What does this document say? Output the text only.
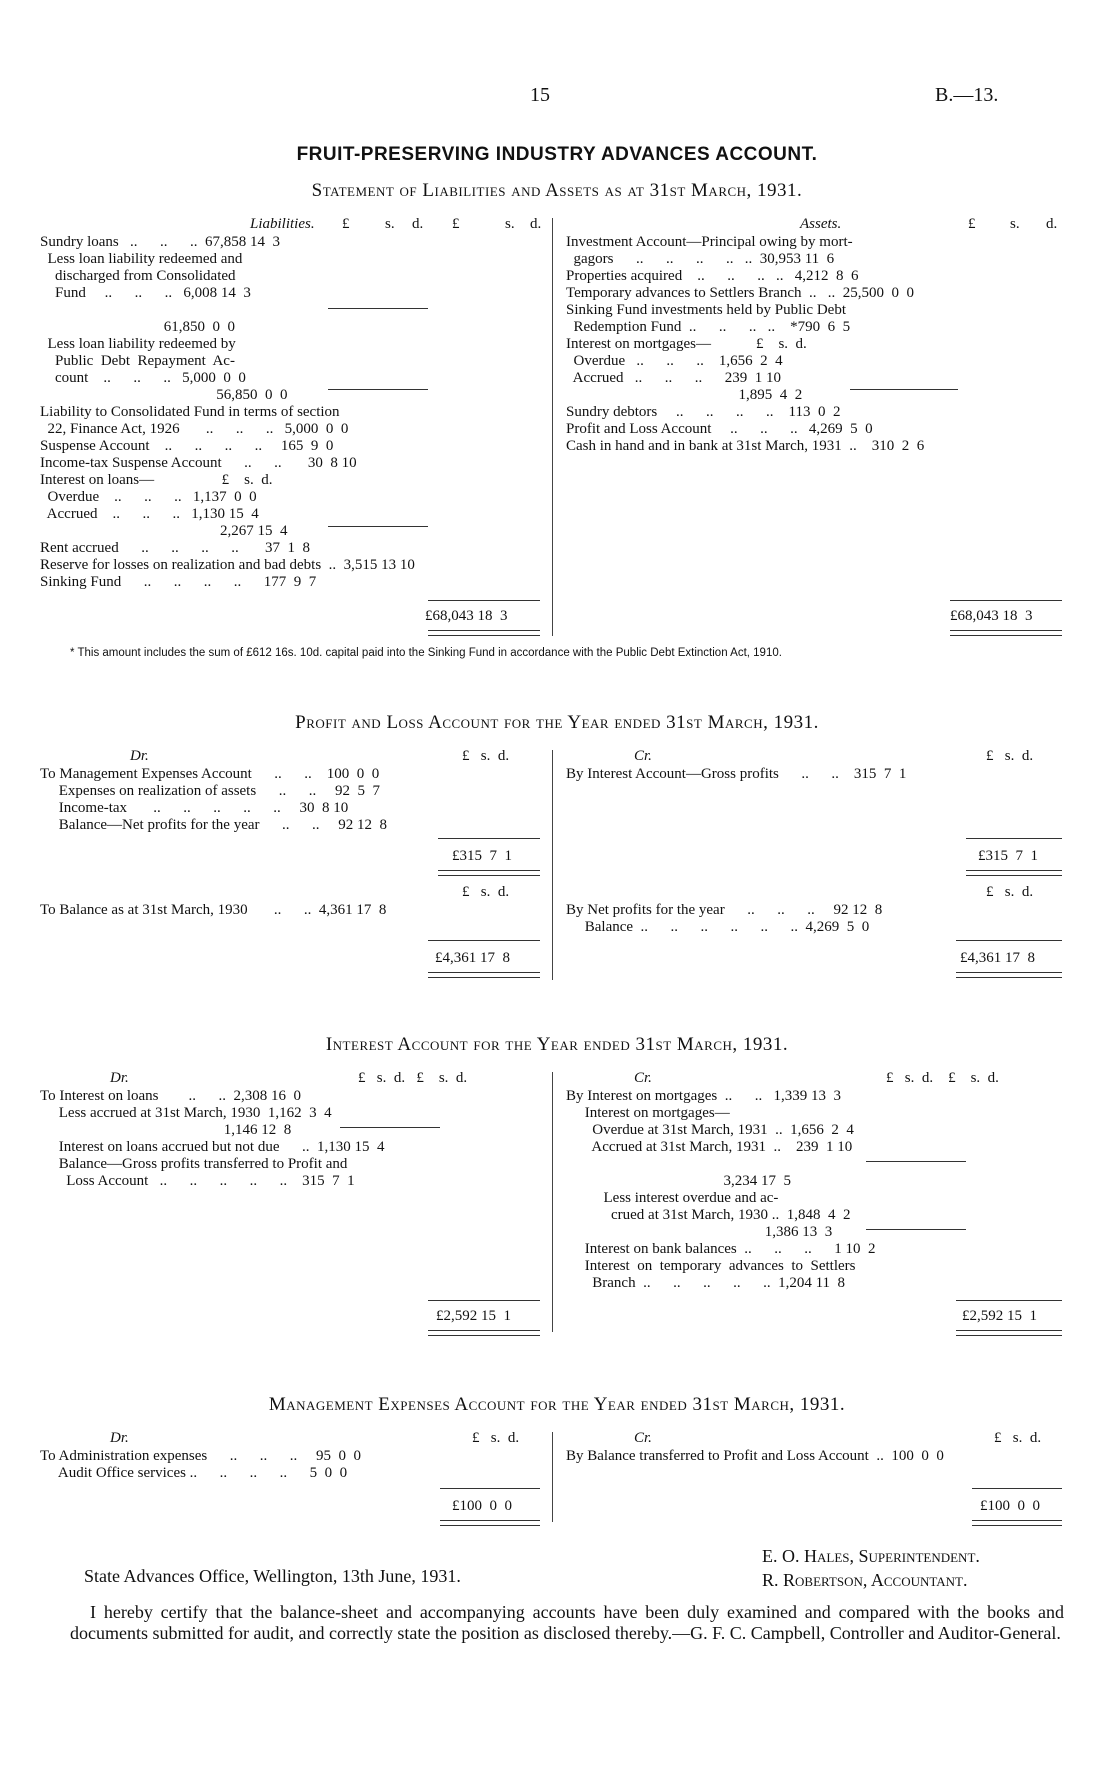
15	B.—13.
FRUIT-PRESERVING INDUSTRY ADVANCES ACCOUNT.
Statement of Liabilities and Assets as at 31st March, 1931.
Liabilities. £ s. d. £	s. d.	Assets.	£ s. d.
Sundry loans   ..      ..      ..  67,858 14  3
Less loan liability redeemed and
discharged from Consolidated
Fund     ..      ..      ..   6,008 14  3
61,850  0  0
Less loan liability redeemed by
Public  Debt  Repayment  Ac-
count    ..      ..      ..   5,000  0  0
56,850  0  0
Liability to Consolidated Fund in terms of section
22, Finance Act, 1926       ..      ..      ..   5,000  0  0
Suspense Account    ..      ..      ..      ..     165  9  0
Income-tax Suspense Account      ..      ..       30  8 10
Interest on loans—                  £    s.  d.
Overdue    ..      ..      ..   1,137  0  0
Accrued    ..      ..      ..   1,130 15  4
2,267 15  4
Rent accrued      ..      ..      ..      ..       37  1  8
Reserve for losses on realization and bad debts  ..  3,515 13 10
Sinking Fund      ..      ..      ..      ..      177  9  7
£68,043 18  3
Investment Account—Principal owing by mort-
gagors      ..      ..      ..      ..   ..  30,953 11  6
Properties acquired    ..      ..      ..   ..   4,212  8  6
Temporary advances to Settlers Branch  ..   ..  25,500  0  0
Sinking Fund investments held by Public Debt
Redemption Fund  ..      ..      ..   ..    *790  6  5
Interest on mortgages—            £    s.  d.
Overdue   ..      ..      ..    1,656  2  4
Accrued   ..      ..      ..      239  1 10
1,895  4  2
Sundry debtors     ..      ..      ..      ..    113  0  2
Profit and Loss Account     ..      ..      ..   4,269  5  0
Cash in hand and in bank at 31st March, 1931  ..    310  2  6
£68,043 18  3
* This amount includes the sum of £612 16s. 10d. capital paid into the Sinking Fund in accordance with the Public Debt Extinction Act, 1910.
Profit and Loss Account for the Year ended 31st March, 1931.
Dr.	Cr.
£   s.  d.	£   s.  d.
To Management Expenses Account      ..      ..    100  0  0
Expenses on realization of assets      ..      ..     92  5  7
Income-tax       ..      ..      ..      ..      ..     30  8 10
Balance—Net profits for the year      ..      ..     92 12  8
£315  7  1
By Interest Account—Gross profits      ..      ..    315  7  1
£315  7  1
£   s.  d.	£   s.  d.
To Balance as at 31st March, 1930       ..      ..  4,361 17  8	By Net profits for the year      ..      ..      ..     92 12  8
Balance  ..      ..      ..      ..      ..      ..  4,269  5  0
£4,361 17  8	£4,361 17  8
Interest Account for the Year ended 31st March, 1931.
Dr.	Cr.
£   s.  d.   £    s.  d.	£   s.  d.    £    s.  d.
To Interest on loans        ..      ..  2,308 16  0
Less accrued at 31st March, 1930  1,162  3  4
1,146 12  8
Interest on loans accrued but not due      ..  1,130 15  4
Balance—Gross profits transferred to Profit and
Loss Account   ..      ..      ..      ..      ..    315  7  1
£2,592 15  1
By Interest on mortgages  ..      ..   1,339 13  3
Interest on mortgages—
Overdue at 31st March, 1931  ..  1,656  2  4
Accrued at 31st March, 1931  ..    239  1 10
3,234 17  5
Less interest overdue and ac-
crued at 31st March, 1930 ..  1,848  4  2
1,386 13  3
Interest on bank balances  ..      ..      ..      1 10  2
Interest  on  temporary  advances  to  Settlers
Branch  ..      ..      ..      ..      ..  1,204 11  8
£2,592 15  1
Management Expenses Account for the Year ended 31st March, 1931.
Dr.	Cr.
£   s.  d.	£   s.  d.
To Administration expenses      ..      ..      ..     95  0  0
Audit Office services ..      ..      ..      ..      5  0  0
£100  0  0
By Balance transferred to Profit and Loss Account  ..  100  0  0
£100  0  0
E. O. Hales, Superintendent.
R. Robertson, Accountant.
State Advances Office, Wellington, 13th June, 1931.
I hereby certify that the balance-sheet and accompanying accounts have been duly examined and compared with the books and documents submitted for audit, and correctly state the position as disclosed thereby.—G. F. C. Campbell, Controller and Auditor-General.
